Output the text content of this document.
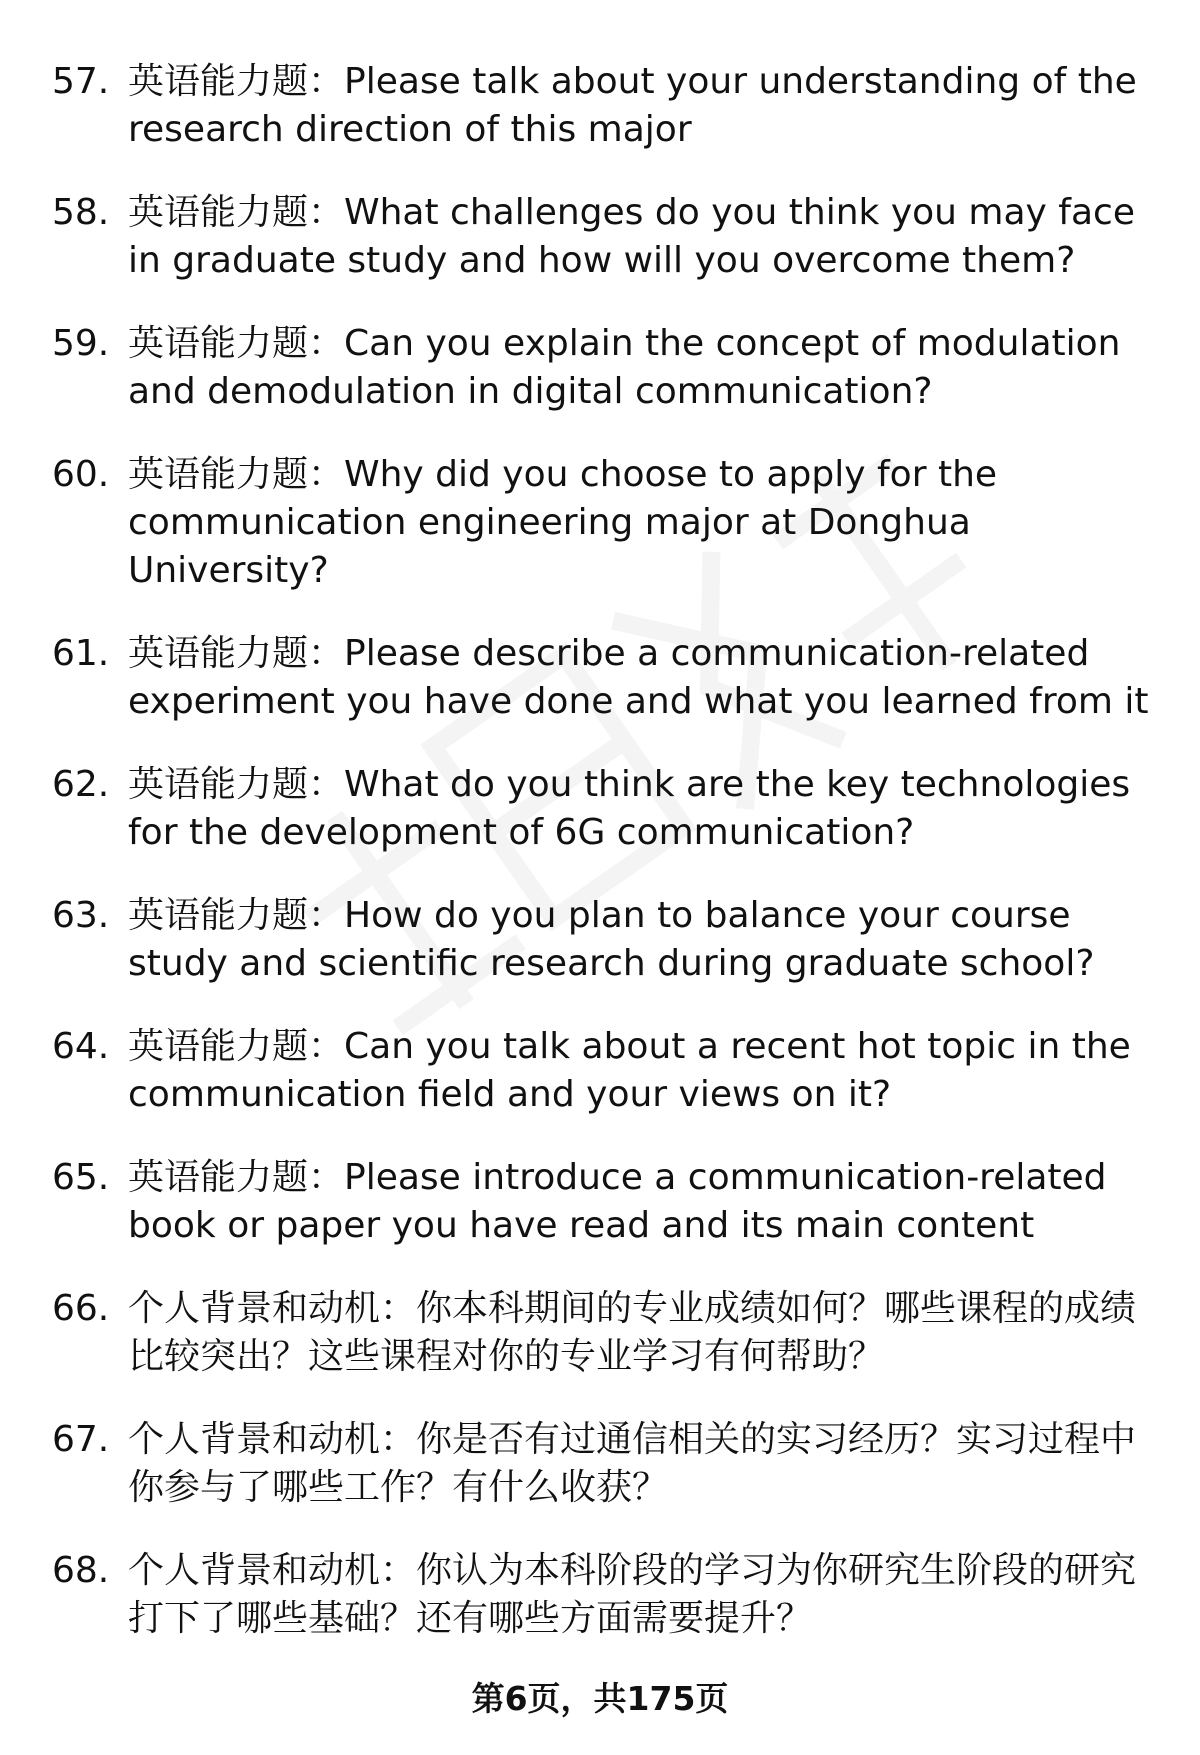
57. 英语能力题：Please talk about your understanding of the research direction of this major
58. 英语能力题：What challenges do you think you may face in graduate study and how will you overcome them?
59. 英语能力题：Can you explain the concept of modulation and demodulation in digital communication?
60. 英语能力题：Why did you choose to apply for the communication engineering major at Donghua University?
61. 英语能力题：Please describe a communication-related experiment you have done and what you learned from it
62. 英语能力题：What do you think are the key technologies for the development of 6G communication?
63. 英语能力题：How do you plan to balance your course study and scientific research during graduate school?
64. 英语能力题：Can you talk about a recent hot topic in the communication field and your views on it?
65. 英语能力题：Please introduce a communication-related book or paper you have read and its main content
66. 个人背景和动机：你本科期间的专业成绩如何？哪些课程的成绩比较突出？这些课程对你的专业学习有何帮助？
67. 个人背景和动机：你是否有过通信相关的实习经历？实习过程中你参与了哪些工作？有什么收获？
68. 个人背景和动机：你认为本科阶段的学习为你研究生阶段的研究打下了哪些基础？还有哪些方面需要提升？
第6页，共175页
